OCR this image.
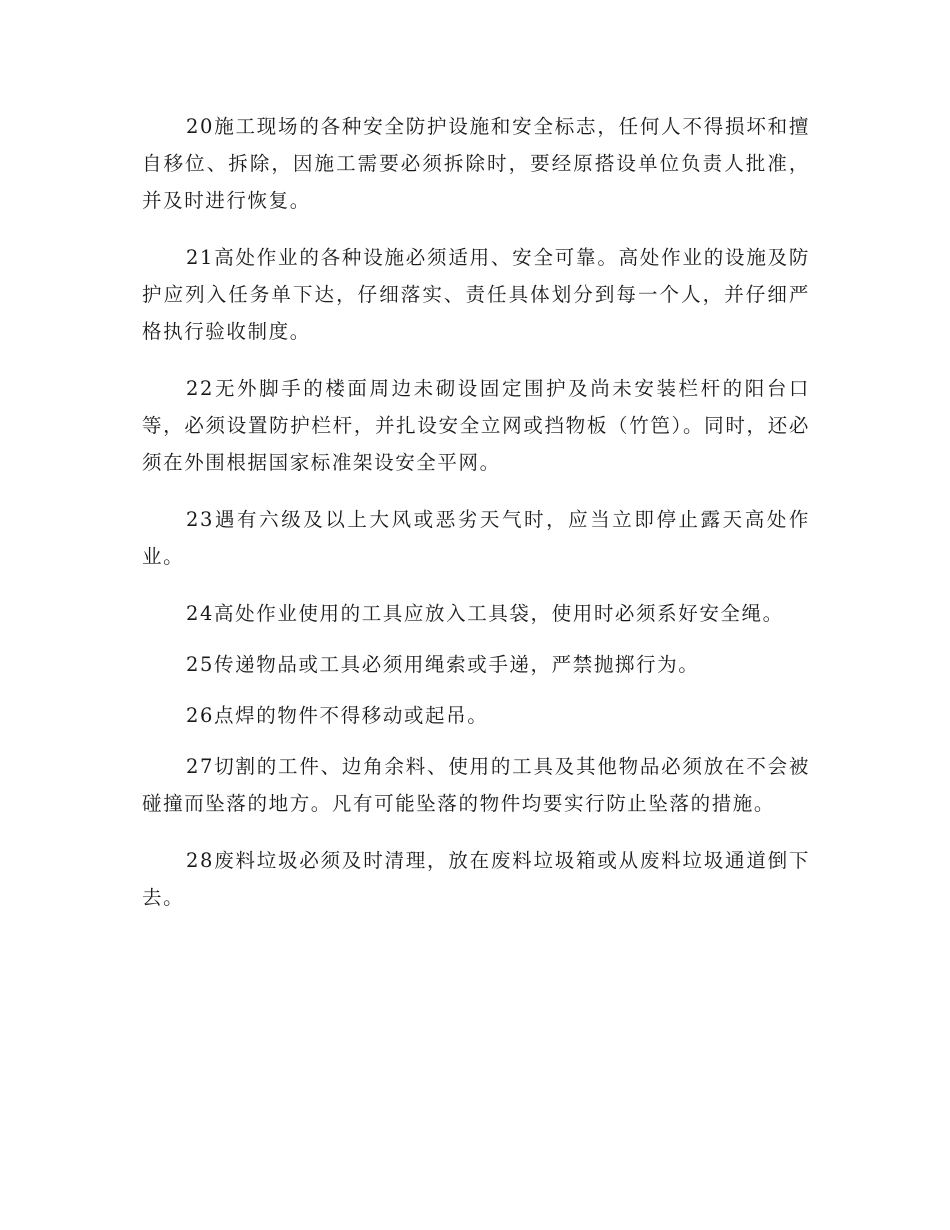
20施工现场的各种安全防护设施和安全标志，任何人不得损坏和擅自移位、拆除，因施工需要必须拆除时，要经原搭设单位负责人批准，并及时进行恢复。

21高处作业的各种设施必须适用、安全可靠。高处作业的设施及防护应列入任务单下达，仔细落实、责任具体划分到每一个人，并仔细严格执行验收制度。

22无外脚手的楼面周边未砌设固定围护及尚未安装栏杆的阳台口等，必须设置防护栏杆，并扎设安全立网或挡物板（竹笆）。同时，还必须在外围根据国家标准架设安全平网。

23遇有六级及以上大风或恶劣天气时，应当立即停止露天高处作业。

24高处作业使用的工具应放入工具袋，使用时必须系好安全绳。

25传递物品或工具必须用绳索或手递，严禁抛掷行为。

26点焊的物件不得移动或起吊。

27切割的工件、边角余料、使用的工具及其他物品必须放在不会被碰撞而坠落的地方。凡有可能坠落的物件均要实行防止坠落的措施。

28废料垃圾必须及时清理，放在废料垃圾箱或从废料垃圾通道倒下去。
